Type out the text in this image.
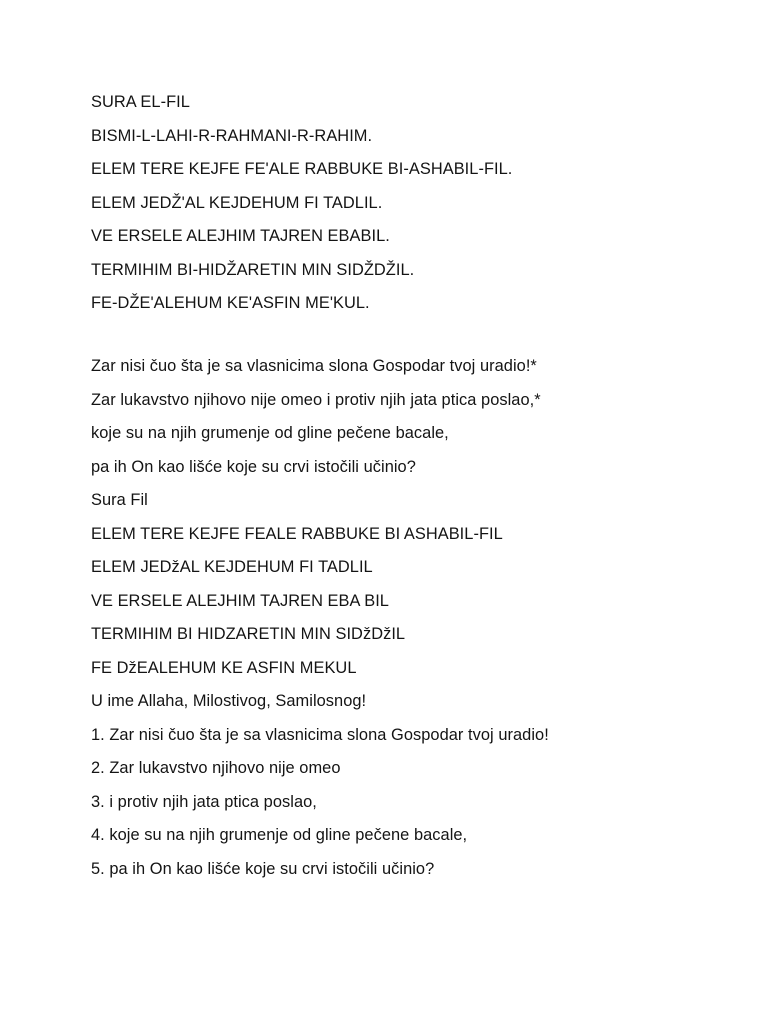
SURA EL-FIL
BISMI-L-LAHI-R-RAHMANI-R-RAHIM.
ELEM TERE KEJFE FE'ALE RABBUKE BI-ASHABIL-FIL.
ELEM JEDŽ'AL KEJDEHUM FI TADLIL.
VE ERSELE ALEJHIM TAJREN EBABIL.
TERMIHIM BI-HIDŽARETIN MIN SIDŽDŽIL.
FE-DŽE'ALEHUM KE'ASFIN ME'KUL.
Zar nisi čuo šta je sa vlasnicima slona Gospodar tvoj uradio!*
Zar lukavstvo njihovo nije omeo i protiv njih jata ptica poslao,*
koje su na njih grumenje od gline pečene bacale,
pa ih On kao lišće koje su crvi istočili učinio?
Sura Fil
ELEM TERE KEJFE FEALE RABBUKE BI ASHABIL-FIL
ELEM JEDžAL KEJDEHUM FI TADLIL
VE ERSELE ALEJHIM TAJREN EBA BIL
TERMIHIM BI HIDZARETIN MIN SIDžDžIL
FE DžEALEHUM KE ASFIN MEKUL
U ime Allaha, Milostivog, Samilosnog!
1. Zar nisi čuo šta je sa vlasnicima slona Gospodar tvoj uradio!
2. Zar lukavstvo njihovo nije omeo
3. i protiv njih jata ptica poslao,
4. koje su na njih grumenje od gline pečene bacale,
5. pa ih On kao lišće koje su crvi istočili učinio?
